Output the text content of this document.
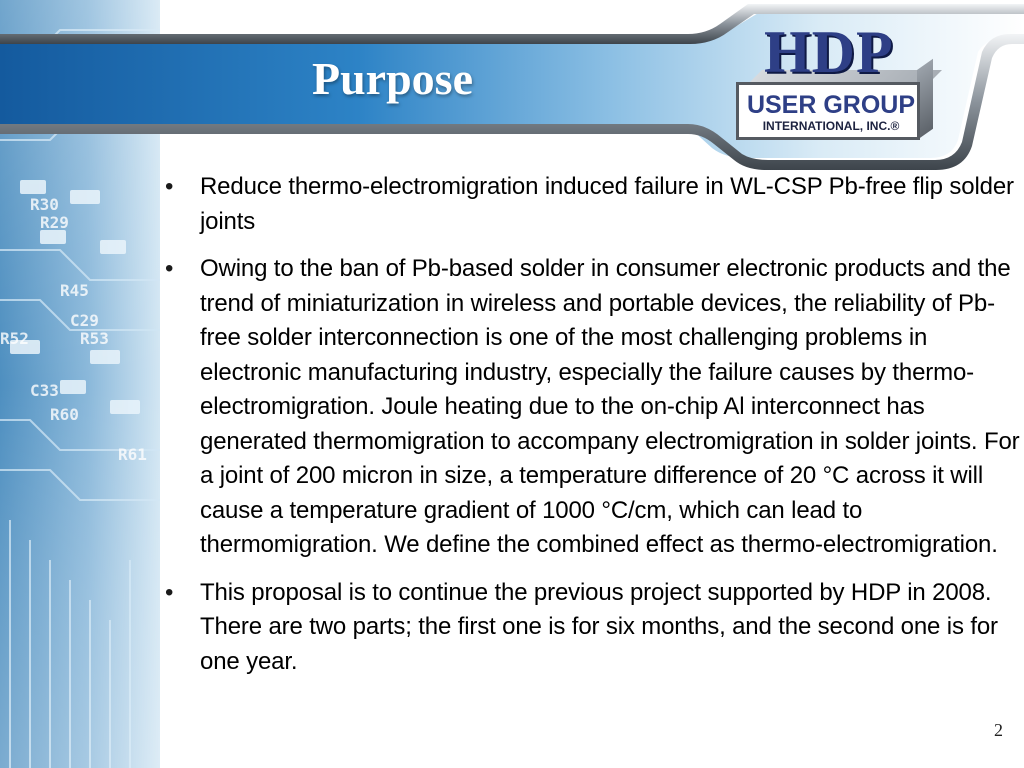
Purpose	HDP
USER GROUP
INTERNATIONAL, INC.®
• Reduce thermo-electromigration induced failure in WL-CSP Pb-free flip solder joints
• Owing to the ban of Pb-based solder in consumer electronic products and the trend of miniaturization in wireless and portable devices, the reliability of Pb-free solder interconnection is one of the most challenging problems in electronic manufacturing industry, especially the failure causes by thermo-electromigration. Joule heating due to the on-chip Al interconnect has generated thermomigration to accompany electromigration in solder joints. For a joint of 200 micron in size, a temperature difference of 20 °C across it will cause a temperature gradient of 1000 °C/cm, which can lead to thermomigration. We define the combined effect as thermo-electromigration.
• This proposal is to continue the previous project supported by HDP in 2008. There are two parts; the first one is for six months, and the second one is for one year.
2
